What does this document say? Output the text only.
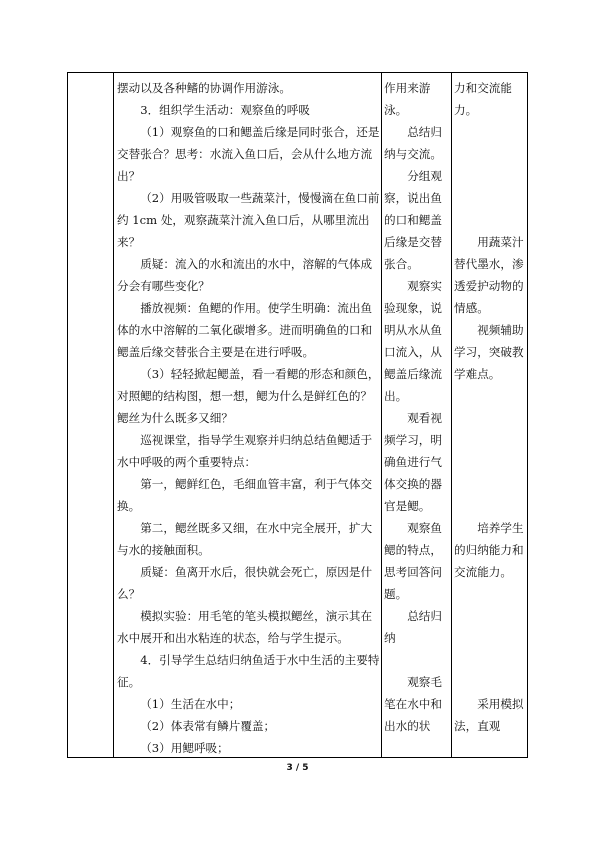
摆动以及各种鳍的协调作用游泳。

3．组织学生活动：观察鱼的呼吸

（1）观察鱼的口和鳃盖后缘是同时张合，还是交替张合？思考：水流入鱼口后，会从什么地方流出？

（2）用吸管吸取一些蔬菜汁，慢慢滴在鱼口前约 1cm 处，观察蔬菜汁流入鱼口后，从哪里流出来？

质疑：流入的水和流出的水中，溶解的气体成分会有哪些变化？

播放视频：鱼鳃的作用。使学生明确：流出鱼体的水中溶解的二氧化碳增多。进而明确鱼的口和鳃盖后缘交替张合主要是在进行呼吸。

（3）轻轻掀起鳃盖，看一看鳃的形态和颜色，对照鳃的结构图，想一想，鳃为什么是鲜红色的？鳃丝为什么既多又细？

巡视课堂，指导学生观察并归纳总结鱼鳃适于水中呼吸的两个重要特点：

第一，鳃鲜红色，毛细血管丰富，利于气体交换。

第二，鳃丝既多又细，在水中完全展开，扩大与水的接触面积。

质疑：鱼离开水后，很快就会死亡，原因是什么？

模拟实验：用毛笔的笔头模拟鳃丝，演示其在水中展开和出水粘连的状态，给与学生提示。

4．引导学生总结归纳鱼适于水中生活的主要特征。

（1）生活在水中；

（2）体表常有鳞片覆盖；

（3）用鳃呼吸；

作用来游泳。

总结归纳与交流。

分组观察，说出鱼的口和鳃盖后缘是交替张合。

观察实验现象，说明从水从鱼口流入，从鳃盖后缘流出。

观看视频学习，明确鱼进行气体交换的器官是鳃。

观察鱼鳃的特点，思考回答问题。

总结归纳

观察毛笔在水中和出水的状

力和交流能力。

用蔬菜汁替代墨水，渗透爱护动物的情感。

视频辅助学习，突破教学难点。

培养学生的归纳能力和交流能力。

采用模拟法，直观

3 / 5
